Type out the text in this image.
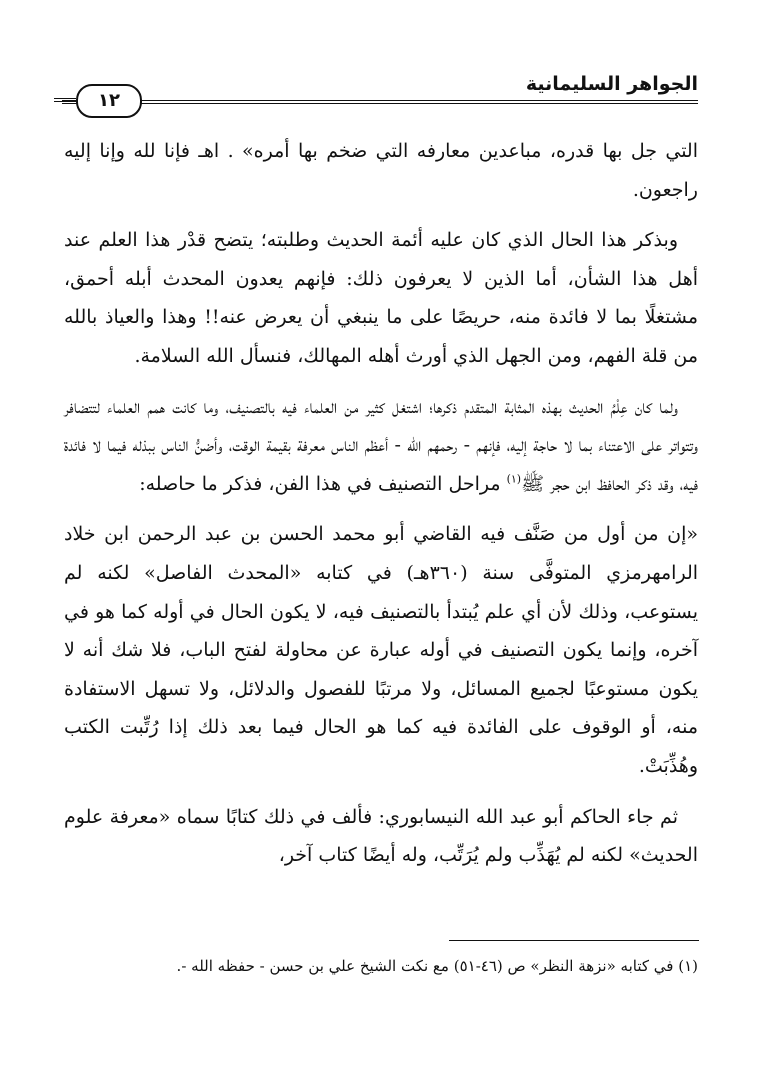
الجواهر السليمانية
١٢

التي جل بها قدره، مباعدين معارفه التي ضخم بها أمره» . اهـ فإنا لله وإنا إليه راجعون.

وبذكر هذا الحال الذي كان عليه أئمة الحديث وطلبته؛ يتضح قدْر هذا العلم عند أهل هذا الشأن، أما الذين لا يعرفون ذلك: فإنهم يعدون المحدث أبله أحمق، مشتغلًا بما لا فائدة منه، حريصًا على ما ينبغي أن يعرض عنه!! وهذا والعياذ بالله من قلة الفهم، ومن الجهل الذي أورث أهله المهالك، فنسأل الله السلامة.

ولما كان عِلْمُ الحديث بهذه المثابة المتقدم ذكرها؛ اشتغل كثير من العلماء فيه بالتصنيف، وما كانت همم العلماء لتتضافر وتتواتر على الاعتناء بما لا حاجة إليه، فإنهم - رحمهم الله - أعظم الناس معرفة بقيمة الوقت، وأضنُّ الناس ببذله فيما لا فائدة فيه، وقد ذكر الحافظ ابن حجر ﷺ$^{(١)}$ مراحل التصنيف في هذا الفن، فذكر ما حاصله:

«إن من أول من صَنَّف فيه القاضي أبو محمد الحسن بن عبد الرحمن ابن خلاد الرامهرمزي المتوفَّى سنة (٣٦٠هـ) في كتابه «المحدث الفاصل» لكنه لم يستوعب، وذلك لأن أي علم يُبتدأ بالتصنيف فيه، لا يكون الحال في أوله كما هو في آخره، وإنما يكون التصنيف في أوله عبارة عن محاولة لفتح الباب، فلا شك أنه لا يكون مستوعبًا لجميع المسائل، ولا مرتبًا للفصول والدلائل، ولا تسهل الاستفادة منه، أو الوقوف على الفائدة فيه كما هو الحال فيما بعد ذلك إذا رُتِّبت الكتب وهُذِّبَتْ.

ثم جاء الحاكم أبو عبد الله النيسابوري: فألف في ذلك كتابًا سماه «معرفة علوم الحديث» لكنه لم يُهَذِّب ولم يُرَتِّب، وله أيضًا كتاب آخر،

(١) في كتابه «نزهة النظر» ص (٤٦-٥١) مع نكت الشيخ علي بن حسن - حفظه الله -.
